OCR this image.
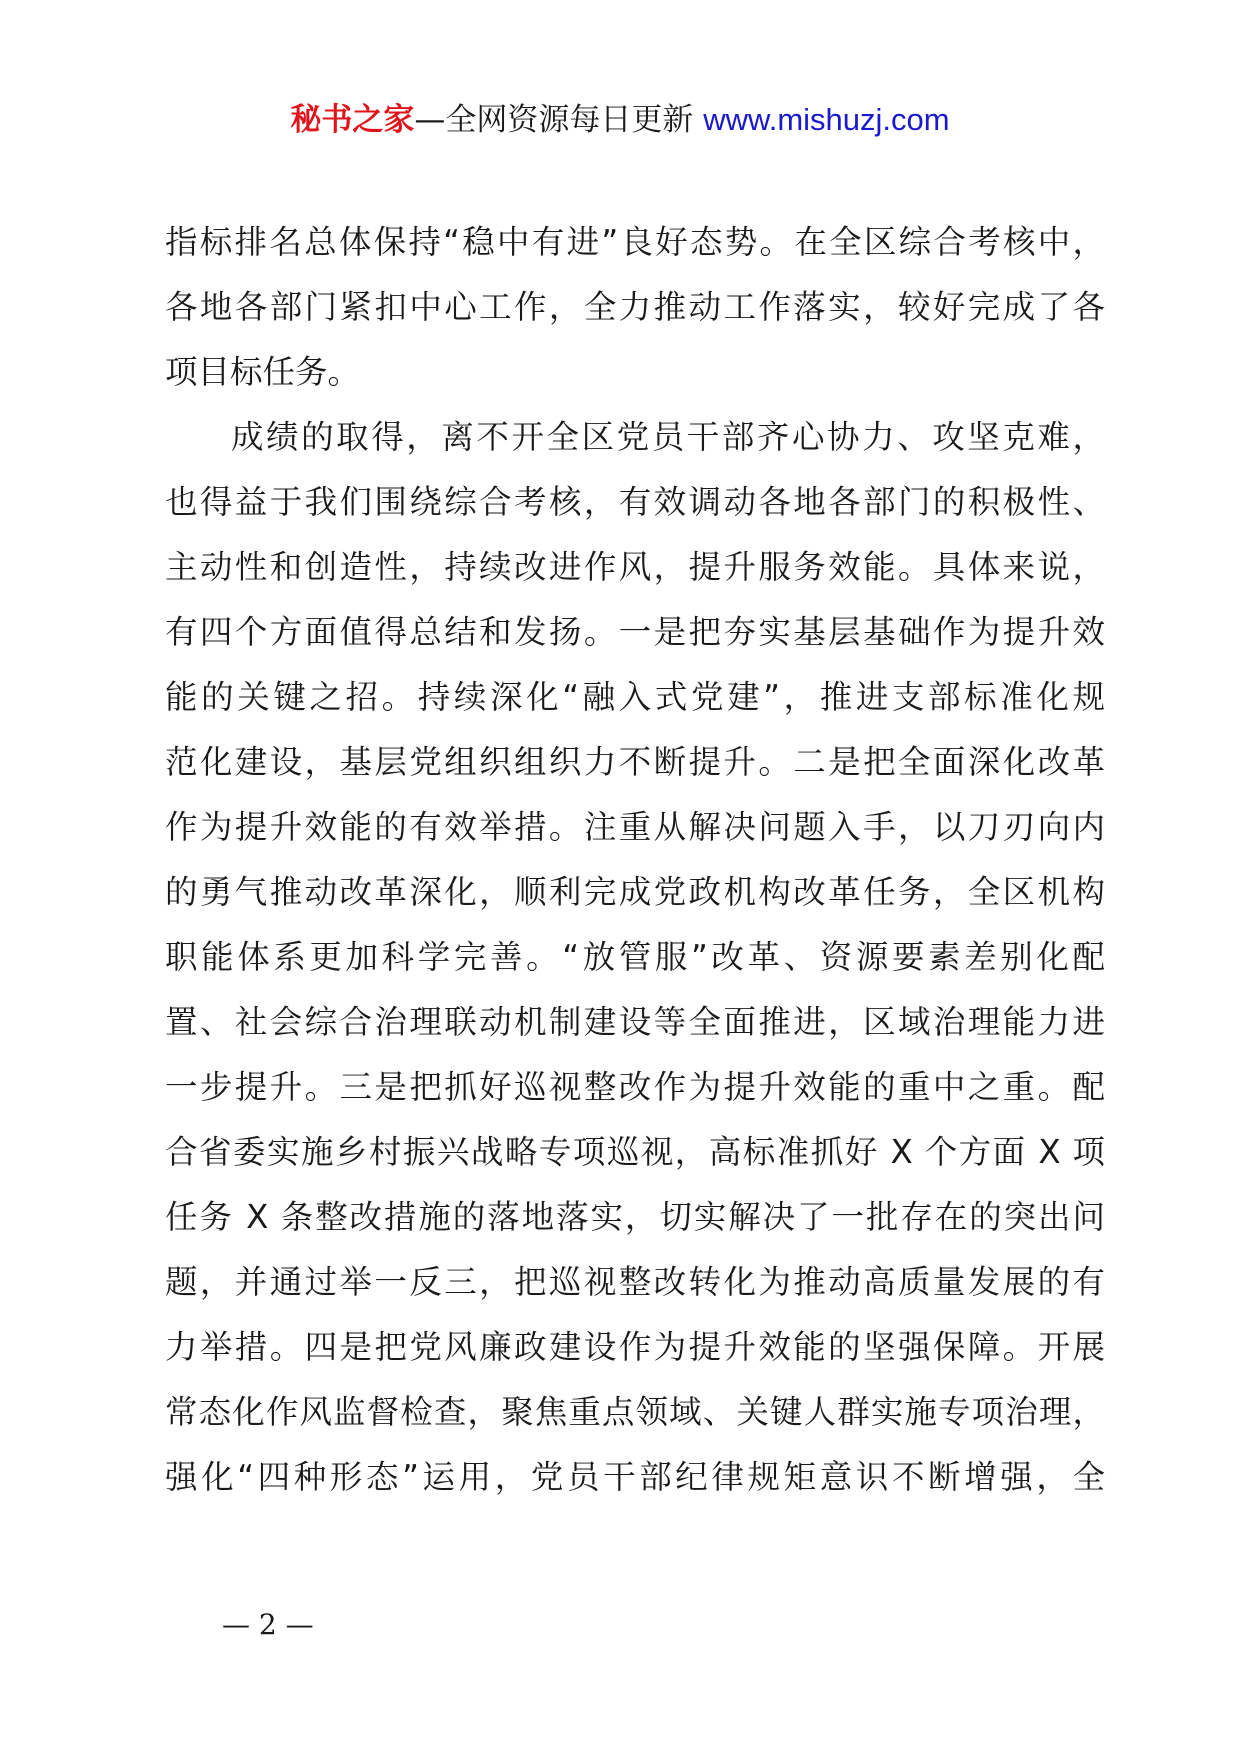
秘书之家—全网资源每日更新 www.mishuzj.com
指标排名总体保持“稳中有进”良好态势。在全区综合考核中，
各地各部门紧扣中心工作，全力推动工作落实，较好完成了各
项目标任务。
成绩的取得，离不开全区党员干部齐心协力、攻坚克难，
也得益于我们围绕综合考核，有效调动各地各部门的积极性、
主动性和创造性，持续改进作风，提升服务效能。具体来说，
有四个方面值得总结和发扬。一是把夯实基层基础作为提升效
能的关键之招。持续深化“融入式党建”，推进支部标准化规
范化建设，基层党组织组织力不断提升。二是把全面深化改革
作为提升效能的有效举措。注重从解决问题入手，以刀刃向内
的勇气推动改革深化，顺利完成党政机构改革任务，全区机构
职能体系更加科学完善。“放管服”改革、资源要素差别化配
置、社会综合治理联动机制建设等全面推进，区域治理能力进
一步提升。三是把抓好巡视整改作为提升效能的重中之重。配
合省委实施乡村振兴战略专项巡视，高标准抓好 X 个方面 X 项
任务 X 条整改措施的落地落实，切实解决了一批存在的突出问
题，并通过举一反三，把巡视整改转化为推动高质量发展的有
力举措。四是把党风廉政建设作为提升效能的坚强保障。开展
常态化作风监督检查，聚焦重点领域、关键人群实施专项治理，
强化“四种形态”运用，党员干部纪律规矩意识不断增强，全
— 2 —
